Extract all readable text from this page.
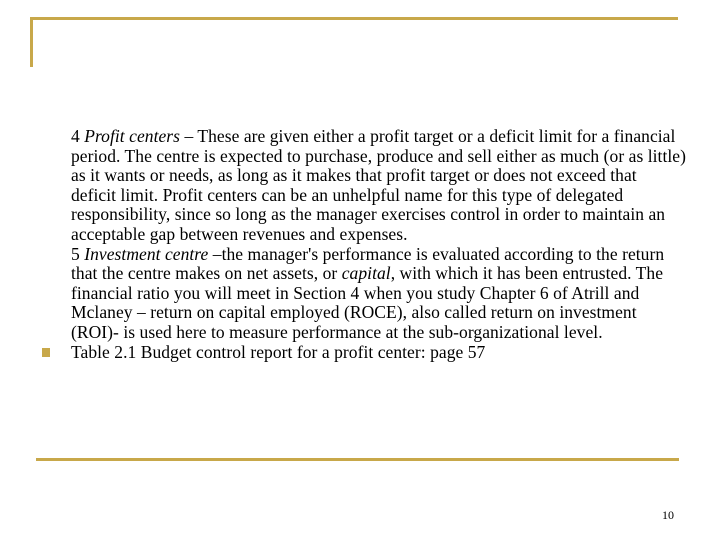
4 Profit centers – These are given either a profit target or a deficit limit for a financial period. The centre is expected to purchase, produce and sell either as much (or as little) as it wants or needs, as long as it makes that profit target or does not exceed that deficit limit. Profit centers can be an unhelpful name for this type of delegated responsibility, since so long as the manager exercises control in order to maintain an acceptable gap between revenues and expenses.

5 Investment centre –the manager's performance is evaluated according to the return that the centre makes on net assets, or capital, with which it has been entrusted. The financial ratio you will meet in Section 4 when you study Chapter 6 of Atrill and Mclaney – return on capital employed (ROCE), also called return on investment (ROI)- is used here to measure performance at the sub-organizational level.

Table 2.1 Budget control report for a profit center: page 57

10
